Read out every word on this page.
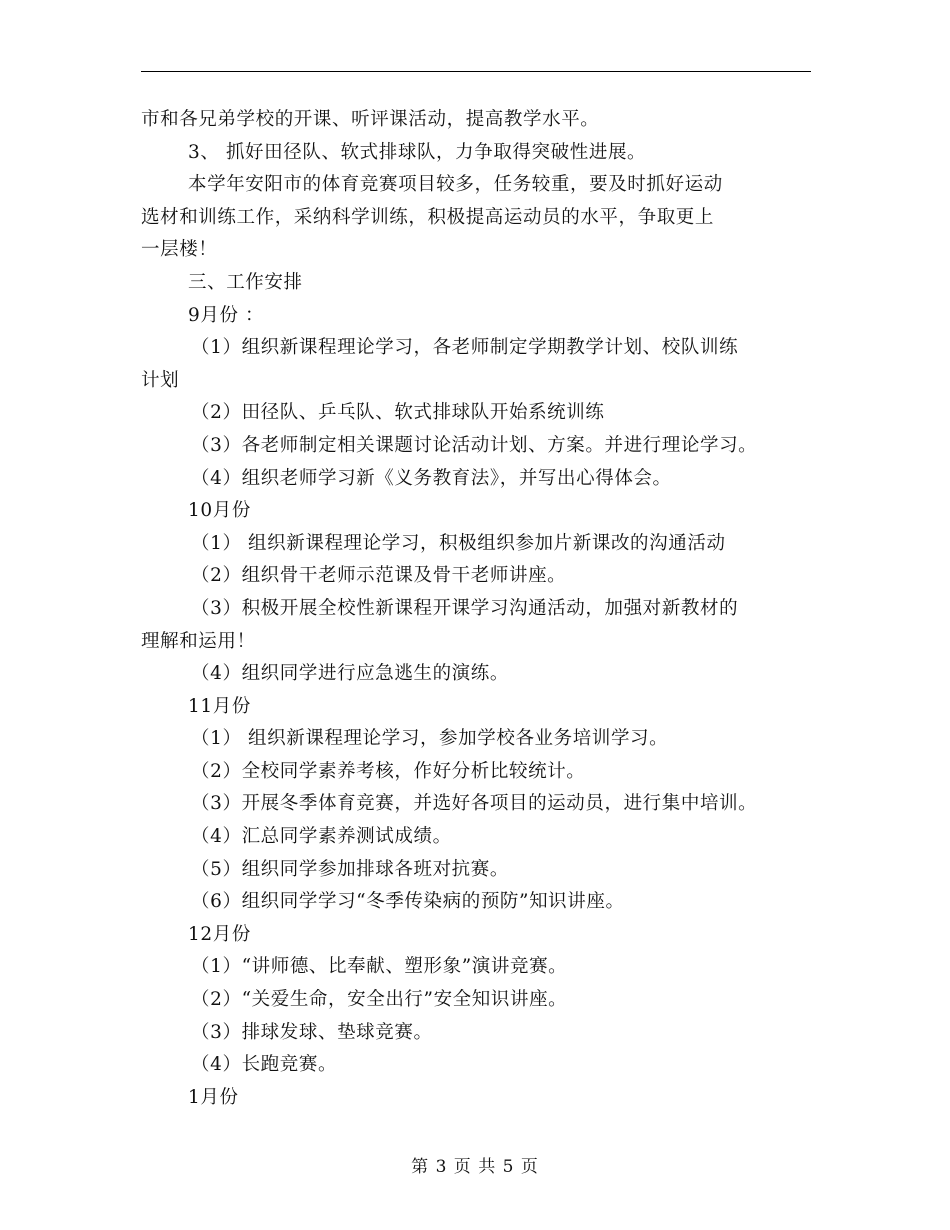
市和各兄弟学校的开课、听评课活动，提高教学水平。
3、 抓好田径队、软式排球队，力争取得突破性进展。
本学年安阳市的体育竞赛项目较多，任务较重，要及时抓好运动
选材和训练工作，采纳科学训练，积极提高运动员的水平，争取更上
一层楼！
三、工作安排
9月份 ：
（1）组织新课程理论学习，各老师制定学期教学计划、校队训练
计划
（2）田径队、乒乓队、软式排球队开始系统训练
（3）各老师制定相关课题讨论活动计划、方案。并进行理论学习。
（4）组织老师学习新《义务教育法》，并写出心得体会。
10月份
（1） 组织新课程理论学习，积极组织参加片新课改的沟通活动
（2）组织骨干老师示范课及骨干老师讲座。
（3）积极开展全校性新课程开课学习沟通活动，加强对新教材的
理解和运用！
（4）组织同学进行应急逃生的演练。
11月份
（1） 组织新课程理论学习，参加学校各业务培训学习。
（2）全校同学素养考核，作好分析比较统计。
（3）开展冬季体育竞赛，并选好各项目的运动员，进行集中培训。
（4）汇总同学素养测试成绩。
（5）组织同学参加排球各班对抗赛。
（6）组织同学学习“冬季传染病的预防”知识讲座。
12月份
（1）“讲师德、比奉献、塑形象”演讲竞赛。
（2）“关爱生命，安全出行”安全知识讲座。
（3）排球发球、垫球竞赛。
（4）长跑竞赛。
1月份
第 3 页 共 5 页
